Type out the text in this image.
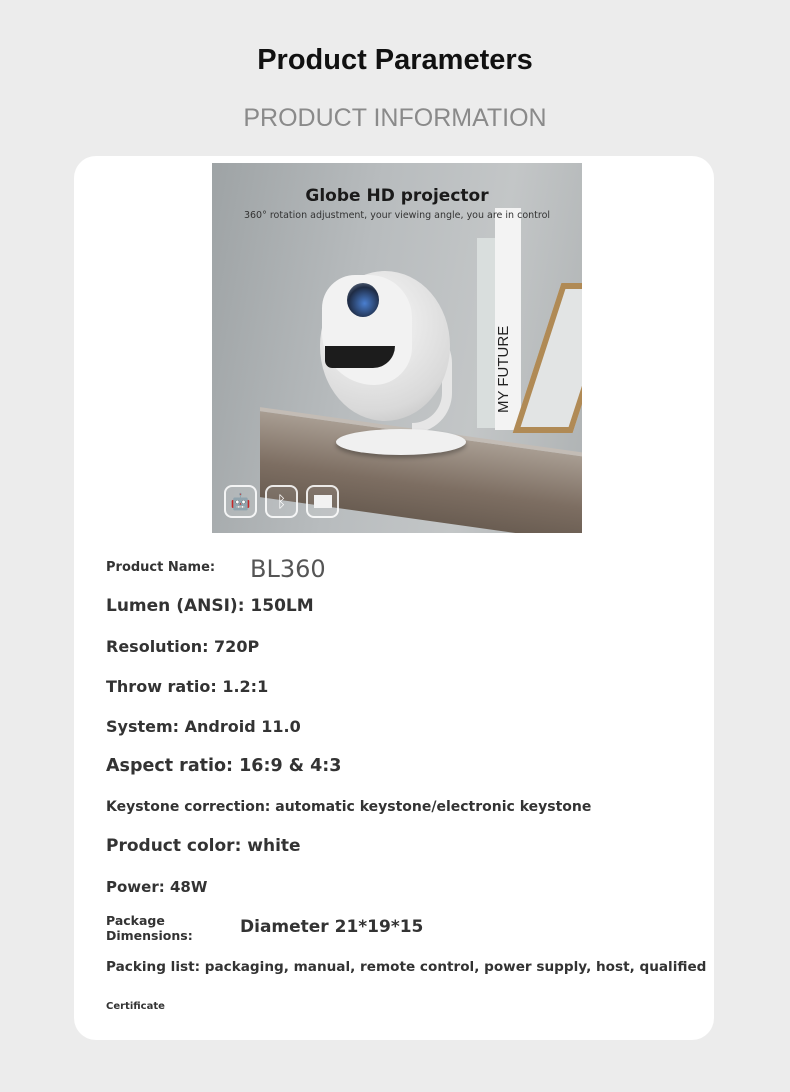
Product Parameters
PRODUCT INFORMATION
MY FUTURE
Globe HD projector
360° rotation adjustment, your viewing angle, you are in control
🤖	ᛒ
Product Name: BL360
Lumen (ANSI): 150LM
Resolution: 720P
Throw ratio: 1.2:1
System: Android 11.0
Aspect ratio: 16:9 & 4:3
Keystone correction: automatic keystone/electronic keystone
Product color: white
Power: 48W
Package
Dimensions:	Diameter 21*19*15
Packing list: packaging, manual, remote control, power supply, host, qualified
Certificate
